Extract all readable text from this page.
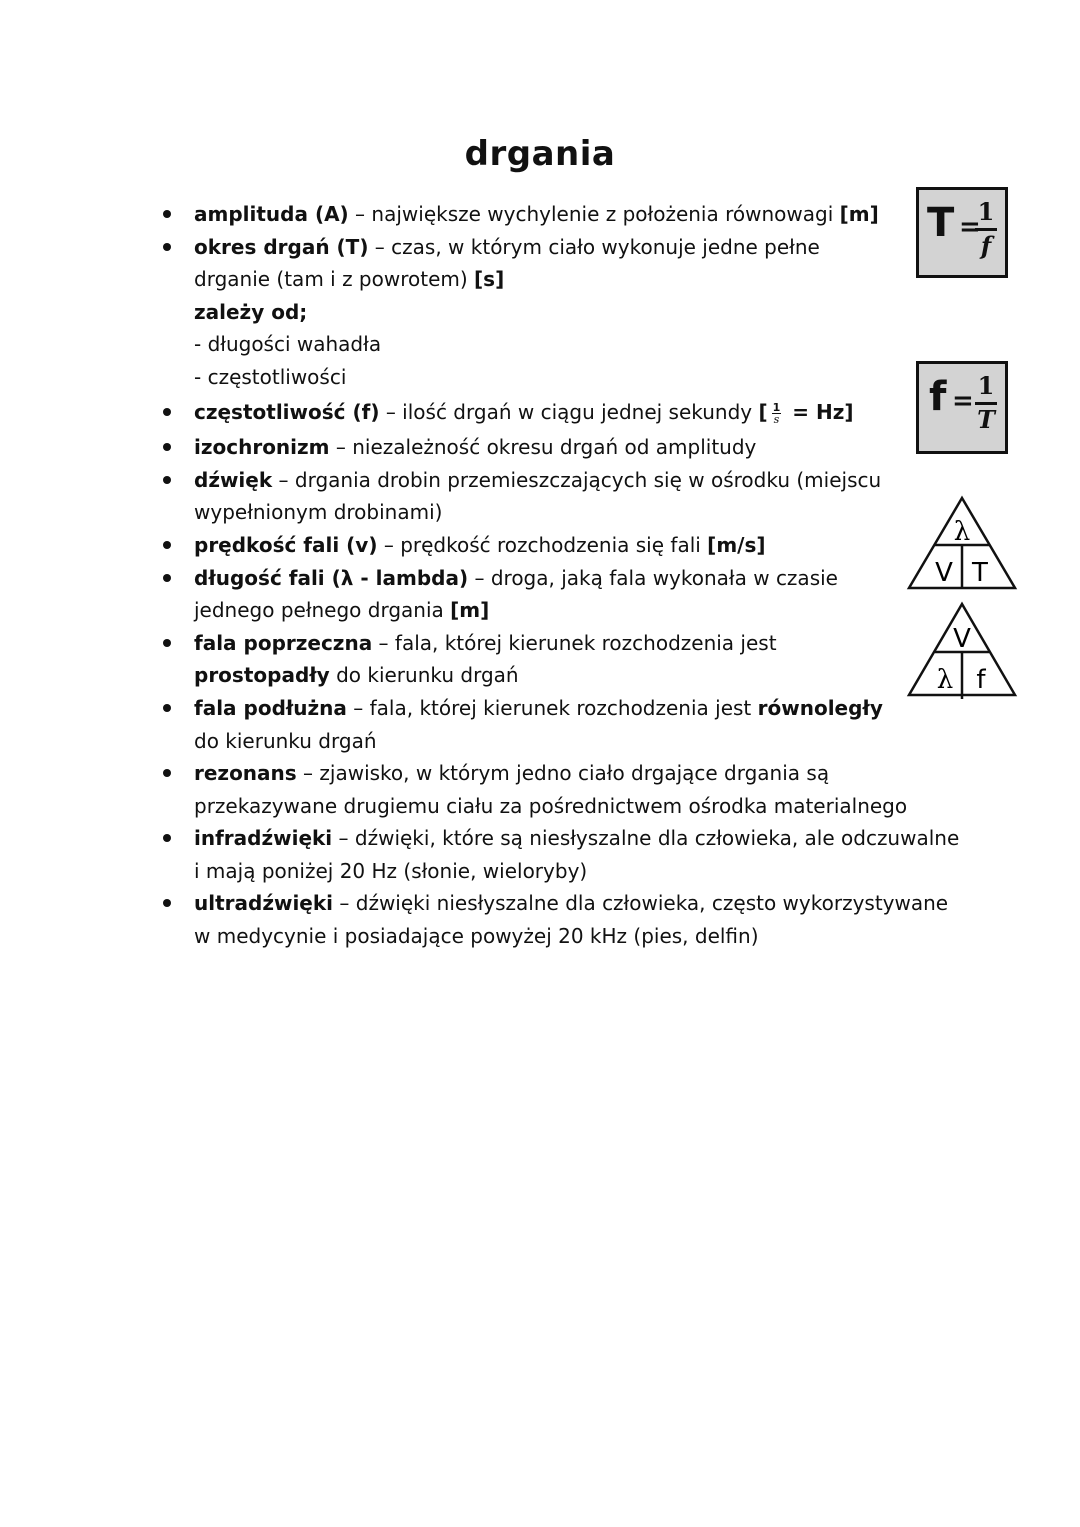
drgania
amplituda (A) – największe wychylenie z położenia równowagi [m]
okres drgań (T) – czas, w którym ciało wykonuje jedne pełne drganie (tam i z powrotem) [s]
zależy od;
- długości wahadła
- częstotliwości
częstotliwość (f) – ilość drgań w ciągu jednej sekundy [ $\frac{1}{s} = Hz$]
izochronizm – niezależność okresu drgań od amplitudy
dźwięk – drgania drobin przemieszczających się w ośrodku (miejscu wypełnionym drobinami)
prędkość fali (v) – prędkość rozchodzenia się fali [m/s]
długość fali (λ - lambda) – droga, jaką fala wykonała w czasie jednego pełnego drgania [m]
fala poprzeczna – fala, której kierunek rozchodzenia jest prostopadły do kierunku drgań
fala podłużna – fala, której kierunek rozchodzenia jest równoległy do kierunku drgań
rezonans – zjawisko, w którym jedno ciało drgające drgania są przekazywane drugiemu ciału za pośrednictwem ośrodka materialnego
infradźwięki – dźwięki, które są niesłyszalne dla człowieka, ale odczuwalne i mają poniżej 20 Hz (słonie, wieloryby)
ultradźwięki – dźwięki niesłyszalne dla człowieka, często wykorzystywane w medycynie i posiadające powyżej 20 kHz (pies, delfin)
T =
1
f
f =
1
T
λ
V T
V
λ f
